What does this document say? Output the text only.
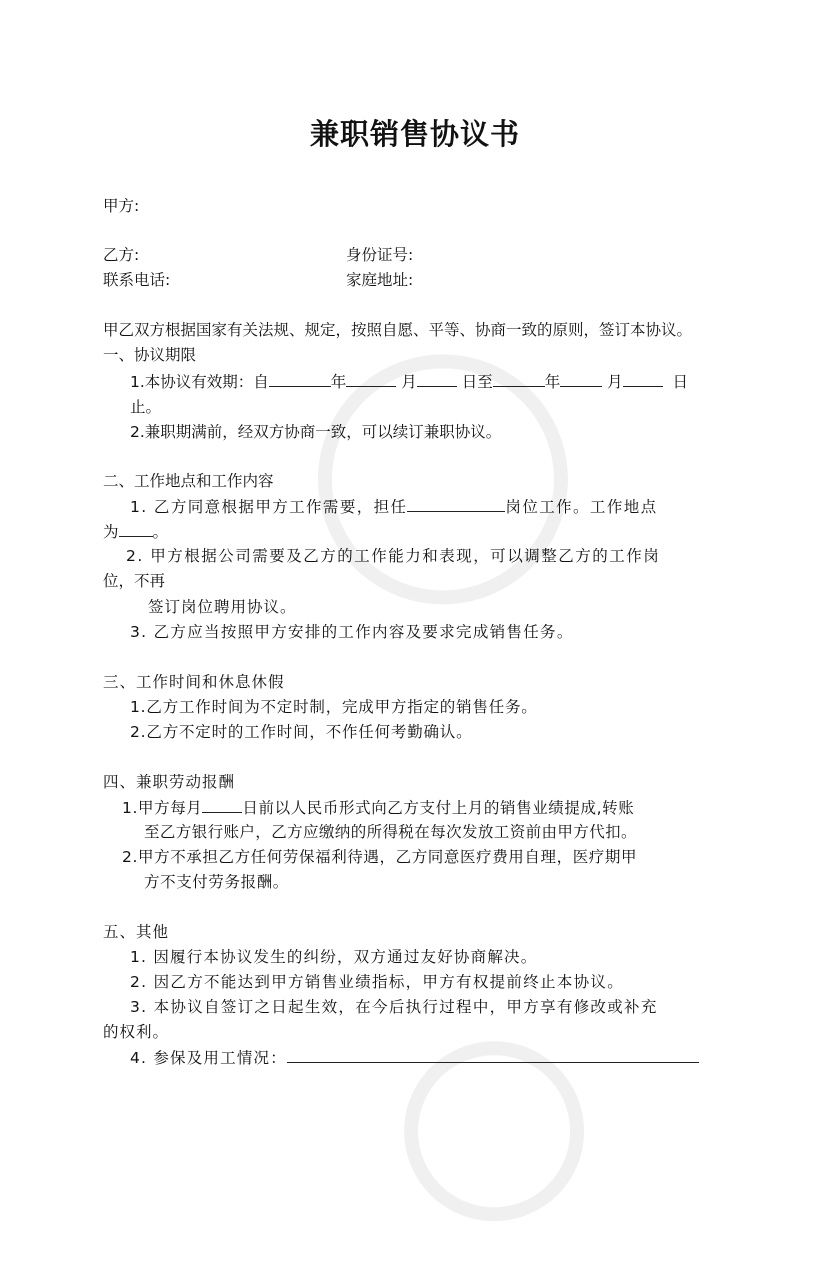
兼职销售协议书
甲方:
乙方:	身份证号:
联系电话:	家庭地址:
甲乙双方根据国家有关法规、规定，按照自愿、平等、协商一致的原则，签订本协议。
一、协议期限
1.本协议有效期：自	年	月	日至	年	月	日
止。
2.兼职期满前，经双方协商一致，可以续订兼职协议。
二、工作地点和工作内容
1. 乙方同意根据甲方工作需要，担任	岗位工作。工作地点
为 。
2. 甲方根据公司需要及乙方的工作能力和表现，可以调整乙方的工作岗
位，不再
签订岗位聘用协议。
3. 乙方应当按照甲方安排的工作内容及要求完成销售任务。
三、工作时间和休息休假
1.乙方工作时间为不定时制，完成甲方指定的销售任务。
2.乙方不定时的工作时间，不作任何考勤确认。
四、兼职劳动报酬
1.甲方每月	日前以人民币形式向乙方支付上月的销售业绩提成,转账
至乙方银行账户，乙方应缴纳的所得税在每次发放工资前由甲方代扣。
2.甲方不承担乙方任何劳保福利待遇，乙方同意医疗费用自理，医疗期甲
方不支付劳务报酬。
五、其他
1. 因履行本协议发生的纠纷，双方通过友好协商解决。
2. 因乙方不能达到甲方销售业绩指标，甲方有权提前终止本协议。
3. 本协议自签订之日起生效，在今后执行过程中，甲方享有修改或补充
的权利。
4. 参保及用工情况：
